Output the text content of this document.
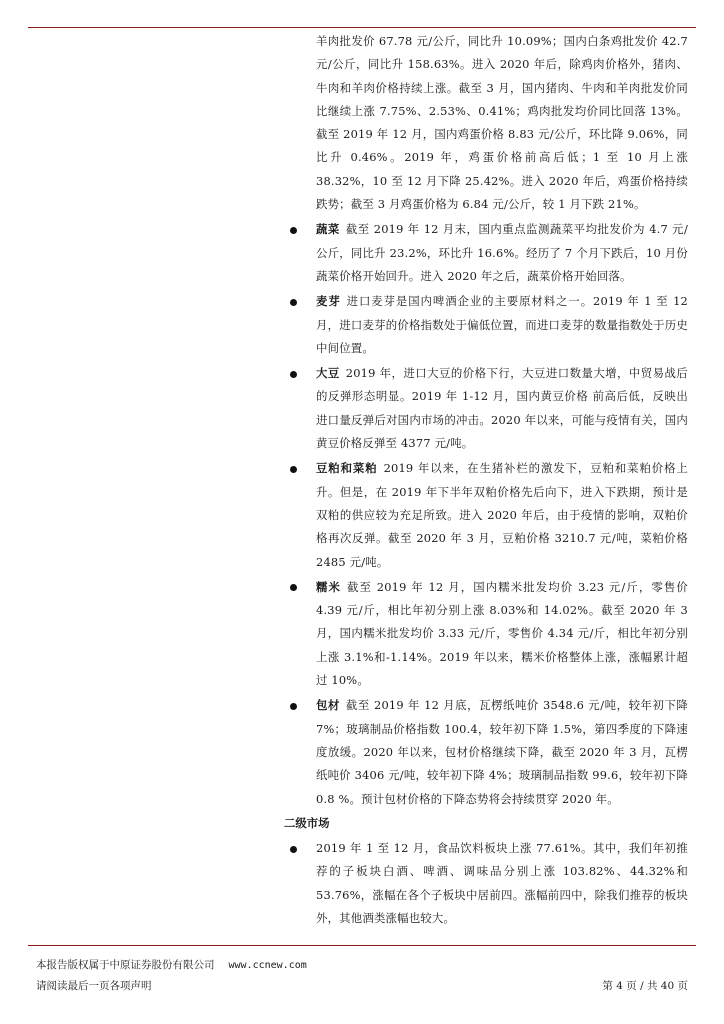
羊肉批发价 67.78 元/公斤，同比升 10.09%；国内白条鸡批发价 42.7 元/公斤，同比升 158.63%。进入 2020 年后，除鸡肉价格外，猪肉、牛肉和羊肉价格持续上涨。截至 3 月，国内猪肉、牛肉和羊肉批发价同比继续上涨 7.75%、2.53%、0.41%；鸡肉批发均价同比回落 13%。截至 2019 年 12 月，国内鸡蛋价格 8.83 元/公斤，环比降 9.06%，同比升 0.46%。2019 年，鸡蛋价格前高后低；1 至 10 月上涨 38.32%，10 至 12 月下降 25.42%。进入 2020 年后，鸡蛋价格持续跌势；截至 3 月鸡蛋价格为 6.84 元/公斤，较 1 月下跌 21%。

蔬菜 截至 2019 年 12 月末，国内重点监测蔬菜平均批发价为 4.7 元/公斤，同比升 23.2%，环比升 16.6%。经历了 7 个月下跌后，10 月份蔬菜价格开始回升。进入 2020 年之后，蔬菜价格开始回落。

麦芽 进口麦芽是国内啤酒企业的主要原材料之一。2019 年 1 至 12 月，进口麦芽的价格指数处于偏低位置，而进口麦芽的数量指数处于历史中间位置。

大豆 2019 年，进口大豆的价格下行，大豆进口数量大增，中贸易战后的反弹形态明显。2019 年 1-12 月，国内黄豆价格 前高后低，反映出进口量反弹后对国内市场的冲击。2020 年以来，可能与疫情有关，国内黄豆价格反弹至 4377 元/吨。

豆粕和菜粕 2019 年以来，在生猪补栏的激发下，豆粕和菜粕价格上升。但是，在 2019 年下半年双粕价格先后向下，进入下跌期，预计是双粕的供应较为充足所致。进入 2020 年后，由于疫情的影响，双粕价格再次反弹。截至 2020 年 3 月，豆粕价格 3210.7 元/吨，菜粕价格 2485 元/吨。

糯米 截至 2019 年 12 月，国内糯米批发均价 3.23 元/斤，零售价 4.39 元/斤，相比年初分别上涨 8.03%和 14.02%。截至 2020 年 3 月，国内糯米批发均价 3.33 元/斤，零售价 4.34 元/斤，相比年初分别上涨 3.1%和-1.14%。2019 年以来，糯米价格整体上涨，涨幅累计超过 10%。

包材 截至 2019 年 12 月底，瓦楞纸吨价 3548.6 元/吨，较年初下降 7%；玻璃制品价格指数 100.4，较年初下降 1.5%，第四季度的下降速度放缓。2020 年以来，包材价格继续下降，截至 2020 年 3 月，瓦楞纸吨价 3406 元/吨，较年初下降 4%；玻璃制品指数 99.6，较年初下降 0.8 %。预计包材价格的下降态势将会持续贯穿 2020 年。

二级市场

2019 年 1 至 12 月，食品饮料板块上涨 77.61%。其中，我们年初推荐的子板块白酒、啤酒、调味品分别上涨 103.82%、44.32%和 53.76%，涨幅在各个子板块中居前四。涨幅前四中，除我们推荐的板块外，其他酒类涨幅也较大。

本报告版权属于中原证券股份有限公司 www.ccnew.com
请阅读最后一页各项声明	第 4 页 / 共 40 页
